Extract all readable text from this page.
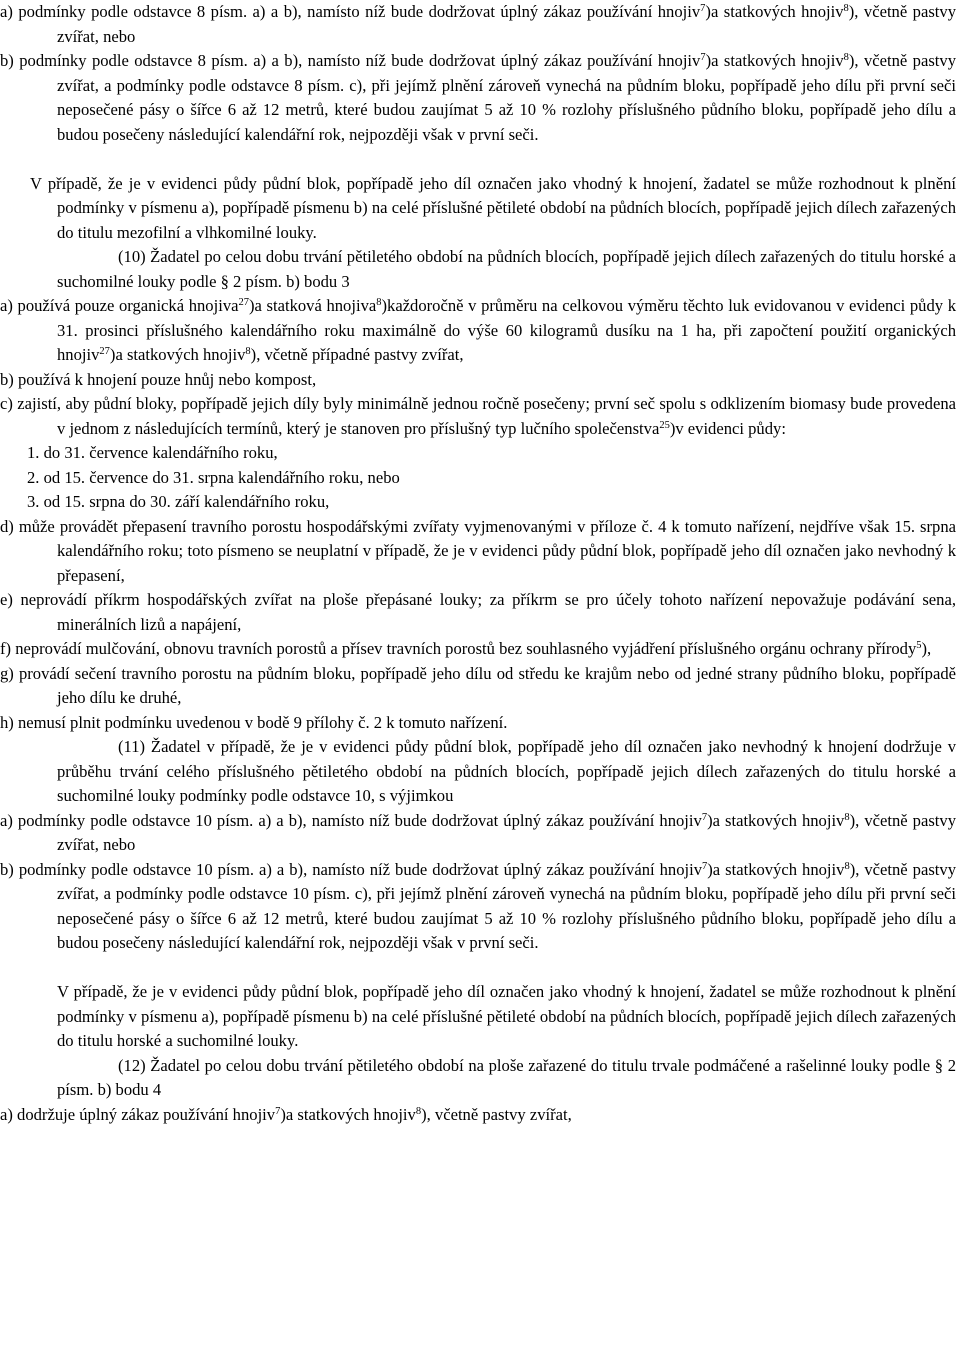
a) podmínky podle odstavce 8 písm. a) a b), namísto níž bude dodržovat úplný zákaz používání hnojiv$^7$)a statkových hnojiv$^8$), včetně pastvy zvířat, nebo

b) podmínky podle odstavce 8 písm. a) a b), namísto níž bude dodržovat úplný zákaz používání hnojiv$^7$)a statkových hnojiv$^8$), včetně pastvy zvířat, a podmínky podle odstavce 8 písm. c), při jejímž plnění zároveň vynechá na půdním bloku, popřípadě jeho dílu při první seči neposečené pásy o šířce 6 až 12 metrů, které budou zaujímat 5 až 10 % rozlohy příslušného půdního bloku, popřípadě jeho dílu a budou posečeny následující kalendářní rok, nejpozději však v první seči.

V případě, že je v evidenci půdy půdní blok, popřípadě jeho díl označen jako vhodný k hnojení, žadatel se může rozhodnout k plnění podmínky v písmenu a), popřípadě písmenu b) na celé příslušné pětileté období na půdních blocích, popřípadě jejich dílech zařazených do titulu mezofilní a vlhkomilné louky.

(10) Žadatel po celou dobu trvání pětiletého období na půdních blocích, popřípadě jejich dílech zařazených do titulu horské a suchomilné louky podle § 2 písm. b) bodu 3

a) používá pouze organická hnojiva$^{27}$)a statková hnojiva$^8$)každoročně v průměru na celkovou výměru těchto luk evidovanou v evidenci půdy k 31. prosinci příslušného kalendářního roku maximálně do výše 60 kilogramů dusíku na 1 ha, při započtení použití organických hnojiv$^{27}$)a statkových hnojiv$^8$), včetně případné pastvy zvířat,

b) používá k hnojení pouze hnůj nebo kompost,

c) zajistí, aby půdní bloky, popřípadě jejich díly byly minimálně jednou ročně posečeny; první seč spolu s odklizením biomasy bude provedena v jednom z následujících termínů, který je stanoven pro příslušný typ lučního společenstva$^{25}$)v evidenci půdy:

1. do 31. července kalendářního roku,

2. od 15. července do 31. srpna kalendářního roku, nebo

3. od 15. srpna do 30. září kalendářního roku,

d) může provádět přepasení travního porostu hospodářskými zvířaty vyjmenovanými v příloze č. 4 k tomuto nařízení, nejdříve však 15. srpna kalendářního roku; toto písmeno se neuplatní v případě, že je v evidenci půdy půdní blok, popřípadě jeho díl označen jako nevhodný k přepasení,

e) neprovádí příkrm hospodářských zvířat na ploše přepásané louky; za příkrm se pro účely tohoto nařízení nepovažuje podávání sena, minerálních lizů a napájení,

f) neprovádí mulčování, obnovu travních porostů a přísev travních porostů bez souhlasného vyjádření příslušného orgánu ochrany přírody$^5$),

g) provádí sečení travního porostu na půdním bloku, popřípadě jeho dílu od středu ke krajům nebo od jedné strany půdního bloku, popřípadě jeho dílu ke druhé,

h) nemusí plnit podmínku uvedenou v bodě 9 přílohy č. 2 k tomuto nařízení.

(11) Žadatel v případě, že je v evidenci půdy půdní blok, popřípadě jeho díl označen jako nevhodný k hnojení dodržuje v průběhu trvání celého příslušného pětiletého období na půdních blocích, popřípadě jejich dílech zařazených do titulu horské a suchomilné louky podmínky podle odstavce 10, s výjimkou

a) podmínky podle odstavce 10 písm. a) a b), namísto níž bude dodržovat úplný zákaz používání hnojiv$^7$)a statkových hnojiv$^8$), včetně pastvy zvířat, nebo

b) podmínky podle odstavce 10 písm. a) a b), namísto níž bude dodržovat úplný zákaz používání hnojiv$^7$)a statkových hnojiv$^8$), včetně pastvy zvířat, a podmínky podle odstavce 10 písm. c), při jejímž plnění zároveň vynechá na půdním bloku, popřípadě jeho dílu při první seči neposečené pásy o šířce 6 až 12 metrů, které budou zaujímat 5 až 10 % rozlohy příslušného půdního bloku, popřípadě jeho dílu a budou posečeny následující kalendářní rok, nejpozději však v první seči.

V případě, že je v evidenci půdy půdní blok, popřípadě jeho díl označen jako vhodný k hnojení, žadatel se může rozhodnout k plnění podmínky v písmenu a), popřípadě písmenu b) na celé příslušné pětileté období na půdních blocích, popřípadě jejich dílech zařazených do titulu horské a suchomilné louky.

(12) Žadatel po celou dobu trvání pětiletého období na ploše zařazené do titulu trvale podmáčené a rašelinné louky podle § 2 písm. b) bodu 4

a) dodržuje úplný zákaz používání hnojiv$^7$)a statkových hnojiv$^8$), včetně pastvy zvířat,
